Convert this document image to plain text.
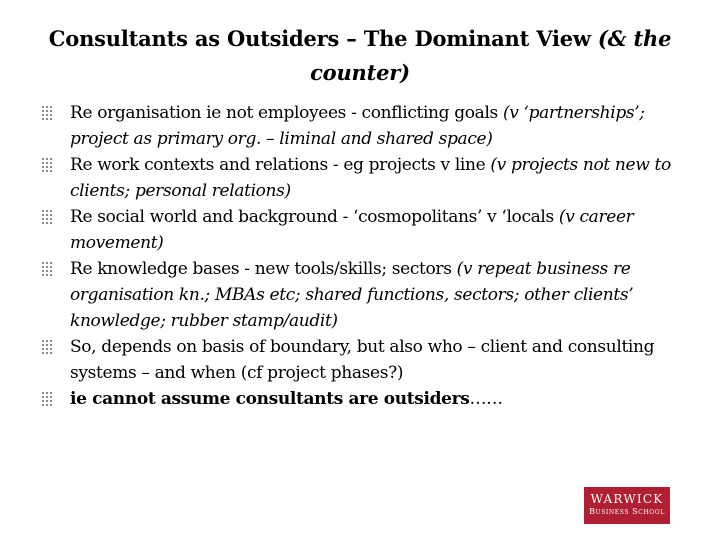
Consultants as Outsiders – The Dominant View (& the counter)
Re organisation ie not employees - conflicting goals (v ‘partnerships’; project as primary org. – liminal and shared space)
Re work contexts and relations - eg projects v line (v projects not new to clients; personal relations)
Re social world and background - ‘cosmopolitans’ v ‘locals (v career movement)
Re knowledge bases - new tools/skills; sectors (v repeat business re organisation kn.; MBAs etc; shared functions, sectors; other clients’ knowledge; rubber stamp/audit)
So, depends on basis of boundary, but also who – client and consulting systems – and when (cf project phases?)
ie cannot assume consultants are outsiders……
WARWICK
Business School
